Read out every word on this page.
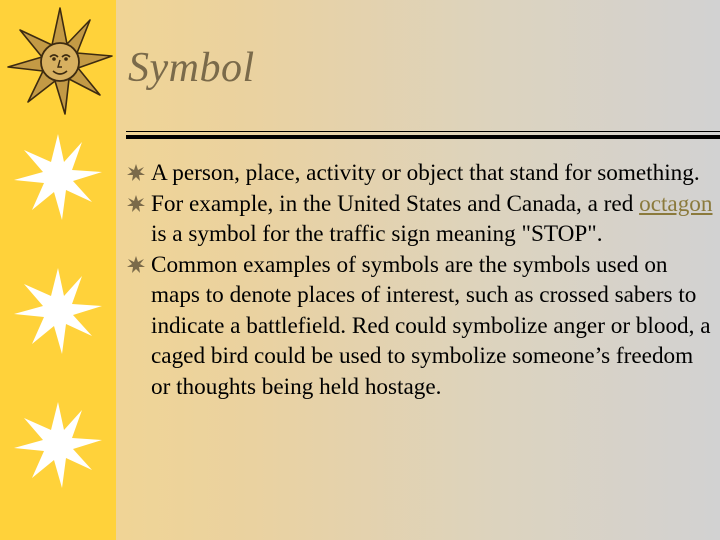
Symbol
A person, place, activity or object that stand for something.
For example, in the United States and Canada, a red octagon is a symbol for the traffic sign meaning "STOP".
Common examples of symbols are the symbols used on maps to denote places of interest, such as crossed sabers to indicate a battlefield. Red could symbolize anger or blood, a caged bird could be used to symbolize someone’s freedom or thoughts being held hostage.
